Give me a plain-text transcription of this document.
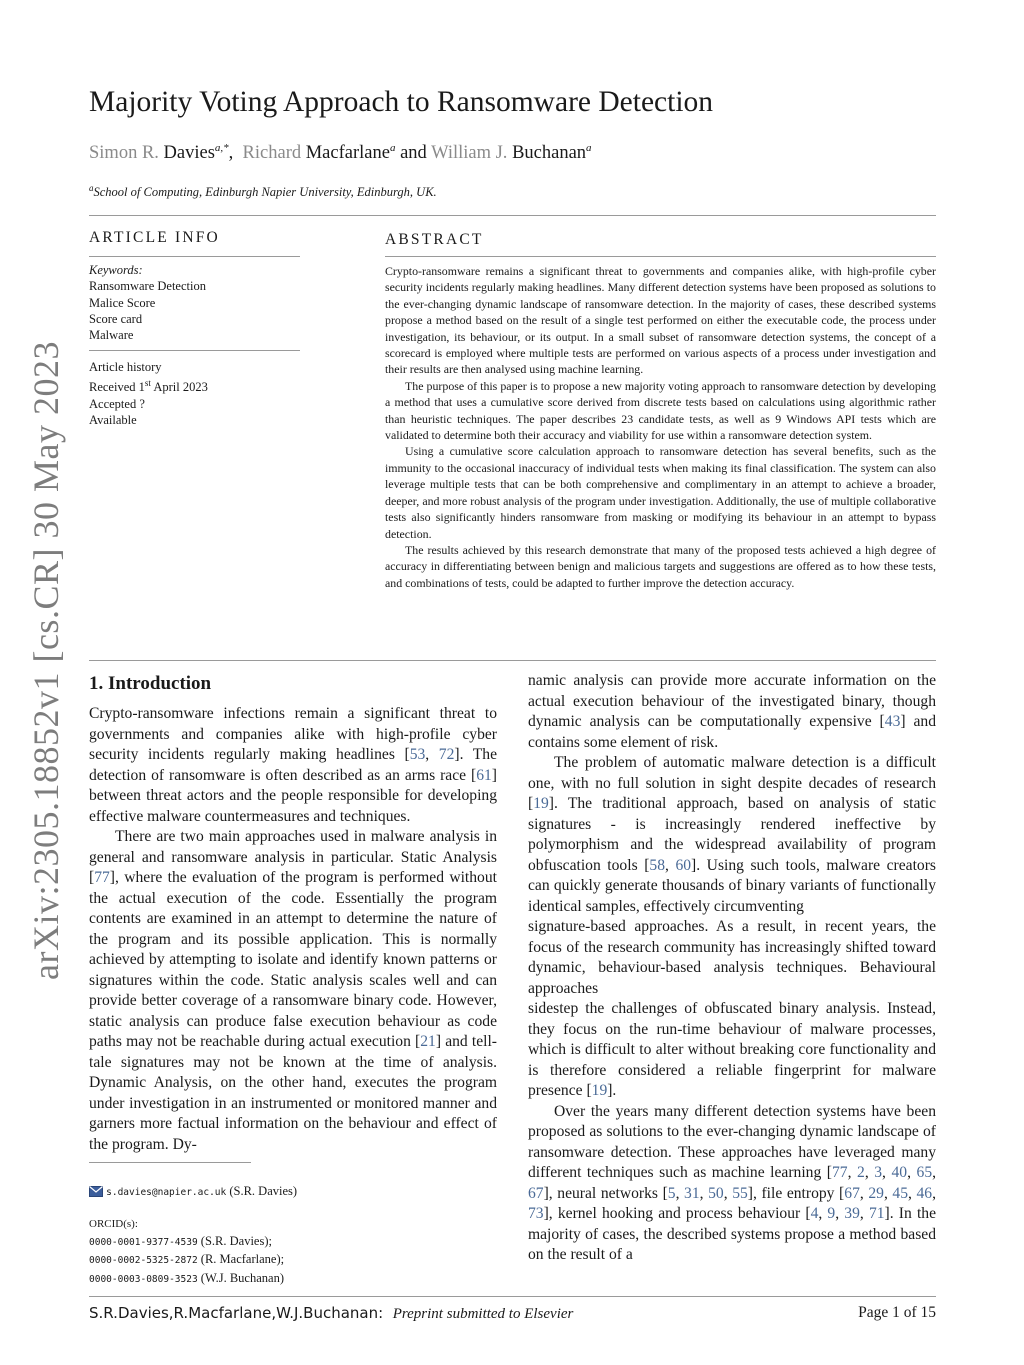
arXiv:2305.18852v1 [cs.CR] 30 May 2023
Majority Voting Approach to Ransomware Detection
Simon R. Davies$^{a,*}$, Richard Macfarlane$^a$ and William J. Buchanan$^a$
$^a$School of Computing, Edinburgh Napier University, Edinburgh, UK.
ARTICLE INFO
Keywords:
Ransomware Detection
Malice Score
Score card
Malware
Article history
Received 1st April 2023
Accepted ?
Available
ABSTRACT

Crypto-ransomware remains a significant threat to governments and companies alike, with high-profile cyber security incidents regularly making headlines. Many different detection systems have been proposed as solutions to the ever-changing dynamic landscape of ransomware detection. In the majority of cases, these described systems propose a method based on the result of a single test performed on either the executable code, the process under investigation, its behaviour, or its output. In a small subset of ransomware detection systems, the concept of a scorecard is employed where multiple tests are performed on various aspects of a process under investigation and their results are then analysed using machine learning.

The purpose of this paper is to propose a new majority voting approach to ransomware detection by developing a method that uses a cumulative score derived from discrete tests based on calculations using algorithmic rather than heuristic techniques. The paper describes 23 candidate tests, as well as 9 Windows API tests which are validated to determine both their accuracy and viability for use within a ransomware detection system.

Using a cumulative score calculation approach to ransomware detection has several benefits, such as the immunity to the occasional inaccuracy of individual tests when making its final classification. The system can also leverage multiple tests that can be both comprehensive and complimentary in an attempt to achieve a broader, deeper, and more robust analysis of the program under investigation. Additionally, the use of multiple collaborative tests also significantly hinders ransomware from masking or modifying its behaviour in an attempt to bypass detection.

The results achieved by this research demonstrate that many of the proposed tests achieved a high degree of accuracy in differentiating between benign and malicious targets and suggestions are offered as to how these tests, and combinations of tests, could be adapted to further improve the detection accuracy.

1. Introduction

Crypto-ransomware infections remain a significant threat to governments and companies alike with high-profile cyber security incidents regularly making headlines [53, 72]. The detection of ransomware is often described as an arms race [61] between threat actors and the people responsible for developing effective malware countermeasures and techniques.

There are two main approaches used in malware analysis in general and ransomware analysis in particular. Static Analysis [77], where the evaluation of the program is performed without the actual execution of the code. Essentially the program contents are examined in an attempt to determine the nature of the program and its possible application. This is normally achieved by attempting to isolate and identify known patterns or signatures within the code. Static analysis scales well and can provide better coverage of a ransomware binary code. However, static analysis can produce false execution behaviour as code paths may not be reachable during actual execution [21] and tell-tale signatures may not be known at the time of analysis. Dynamic Analysis, on the other hand, executes the program under investigation in an instrumented or monitored manner and garners more factual information on the behaviour and effect of the program. Dy-

namic analysis can provide more accurate information on the actual execution behaviour of the investigated binary, though dynamic analysis can be computationally expensive [43] and contains some element of risk.

The problem of automatic malware detection is a difficult one, with no full solution in sight despite decades of research [19]. The traditional approach, based on analysis of static signatures - is increasingly rendered ineffective by polymorphism and the widespread availability of program obfuscation tools [58, 60]. Using such tools, malware creators can quickly generate thousands of binary variants of functionally identical samples, effectively circumventing

signature-based approaches. As a result, in recent years, the focus of the research community has increasingly shifted toward dynamic, behaviour-based analysis techniques. Behavioural approaches

sidestep the challenges of obfuscated binary analysis. Instead, they focus on the run-time behaviour of malware processes, which is difficult to alter without breaking core functionality and is therefore considered a reliable fingerprint for malware presence [19].

Over the years many different detection systems have been proposed as solutions to the ever-changing dynamic landscape of ransomware detection. These approaches have leveraged many different techniques such as machine learning [77, 2, 3, 40, 65, 67], neural networks [5, 31, 50, 55], file entropy [67, 29, 45, 46, 73], kernel hooking and process behaviour [4, 9, 39, 71]. In the majority of cases, the described systems propose a method based on the result of a

s.davies@napier.ac.uk (S.R. Davies)
ORCID(s):
0000-0001-9377-4539 (S.R. Davies);
0000-0002-5325-2872 (R. Macfarlane);
0000-0003-0809-3523 (W.J. Buchanan)
S.R.Davies,R.Macfarlane,W.J.Buchanan: Preprint submitted to Elsevier	Page 1 of 15
